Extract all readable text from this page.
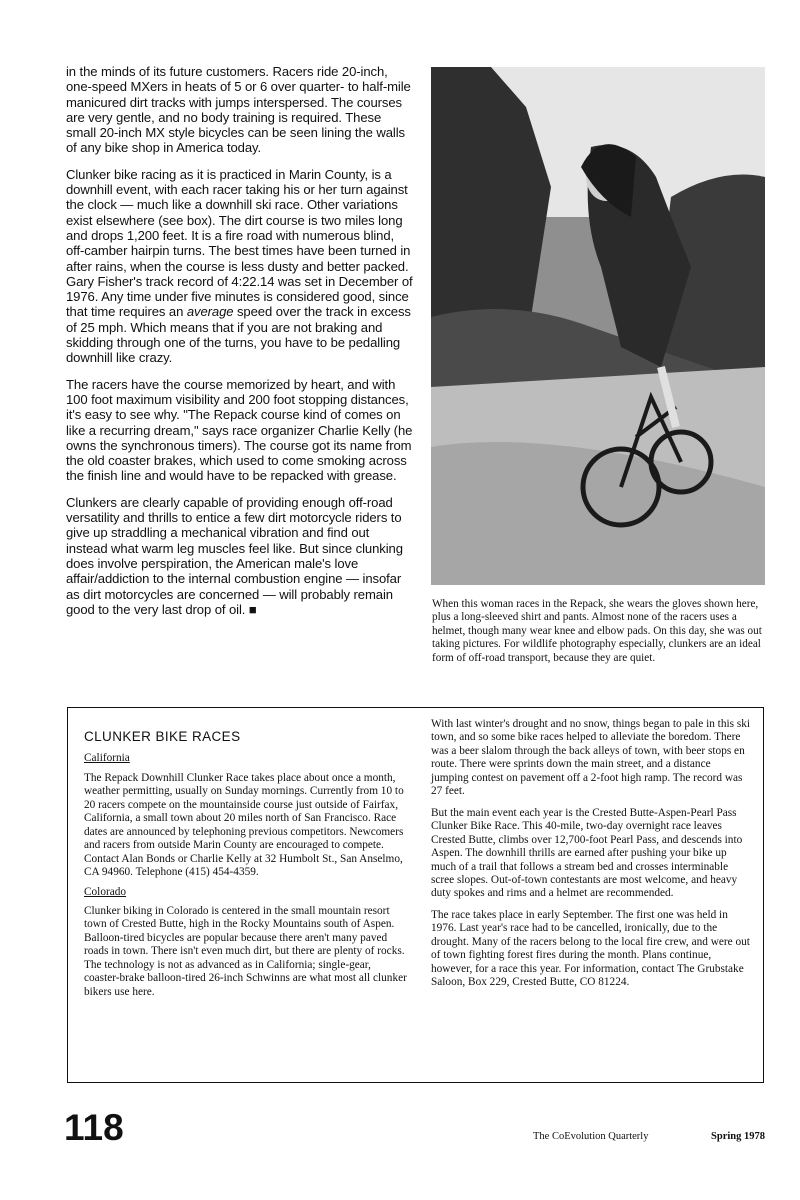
in the minds of its future customers. Racers ride 20-inch, one-speed MXers in heats of 5 or 6 over quarter- to half-mile manicured dirt tracks with jumps interspersed. The courses are very gentle, and no body training is required. These small 20-inch MX style bicycles can be seen lining the walls of any bike shop in America today.

Clunker bike racing as it is practiced in Marin County, is a downhill event, with each racer taking his or her turn against the clock — much like a downhill ski race. Other variations exist elsewhere (see box). The dirt course is two miles long and drops 1,200 feet. It is a fire road with numerous blind, off-camber hairpin turns. The best times have been turned in after rains, when the course is less dusty and better packed. Gary Fisher's track record of 4:22.14 was set in December of 1976. Any time under five minutes is considered good, since that time requires an average speed over the track in excess of 25 mph. Which means that if you are not braking and skidding through one of the turns, you have to be pedalling downhill like crazy.

The racers have the course memorized by heart, and with 100 foot maximum visibility and 200 foot stopping distances, it's easy to see why. "The Repack course kind of comes on like a recurring dream," says race organizer Charlie Kelly (he owns the synchronous timers). The course got its name from the old coaster brakes, which used to come smoking across the finish line and would have to be repacked with grease.

Clunkers are clearly capable of providing enough off-road versatility and thrills to entice a few dirt motorcycle riders to give up straddling a mechanical vibration and find out instead what warm leg muscles feel like. But since clunking does involve perspiration, the American male's love affair/addiction to the internal combustion engine — insofar as dirt motorcycles are concerned — will probably remain good to the very last drop of oil. ■	When this woman races in the Repack, she wears the gloves shown here, plus a long-sleeved shirt and pants. Almost none of the racers uses a helmet, though many wear knee and elbow pads. On this day, she was out taking pictures. For wildlife photography especially, clunkers are an ideal form of off-road transport, because they are quiet.
CLUNKER BIKE RACES
California

The Repack Downhill Clunker Race takes place about once a month, weather permitting, usually on Sunday mornings. Currently from 10 to 20 racers compete on the mountainside course just outside of Fairfax, California, a small town about 20 miles north of San Francisco. Race dates are announced by telephoning previous competitors. Newcomers and racers from outside Marin County are encouraged to compete. Contact Alan Bonds or Charlie Kelly at 32 Humbolt St., San Anselmo, CA 94960. Telephone (415) 454-4359.

Colorado

Clunker biking in Colorado is centered in the small mountain resort town of Crested Butte, high in the Rocky Mountains south of Aspen. Balloon-tired bicycles are popular because there aren't many paved roads in town. There isn't even much dirt, but there are plenty of rocks. The technology is not as advanced as in California; single-gear, coaster-brake balloon-tired 26-inch Schwinns are what most all clunker bikers use here.

With last winter's drought and no snow, things began to pale in this ski town, and so some bike races helped to alleviate the boredom. There was a beer slalom through the back alleys of town, with beer stops en route. There were sprints down the main street, and a distance jumping contest on pavement off a 2-foot high ramp. The record was 27 feet.

But the main event each year is the Crested Butte-Aspen-Pearl Pass Clunker Bike Race. This 40-mile, two-day overnight race leaves Crested Butte, climbs over 12,700-foot Pearl Pass, and descends into Aspen. The downhill thrills are earned after pushing your bike up much of a trail that follows a stream bed and crosses interminable scree slopes. Out-of-town contestants are most welcome, and heavy duty spokes and rims and a helmet are recommended.

The race takes place in early September. The first one was held in 1976. Last year's race had to be cancelled, ironically, due to the drought. Many of the racers belong to the local fire crew, and were out of town fighting forest fires during the month. Plans continue, however, for a race this year. For information, contact The Grubstake Saloon, Box 229, Crested Butte, CO 81224.

118	The CoEvolution Quarterly	Spring 1978
